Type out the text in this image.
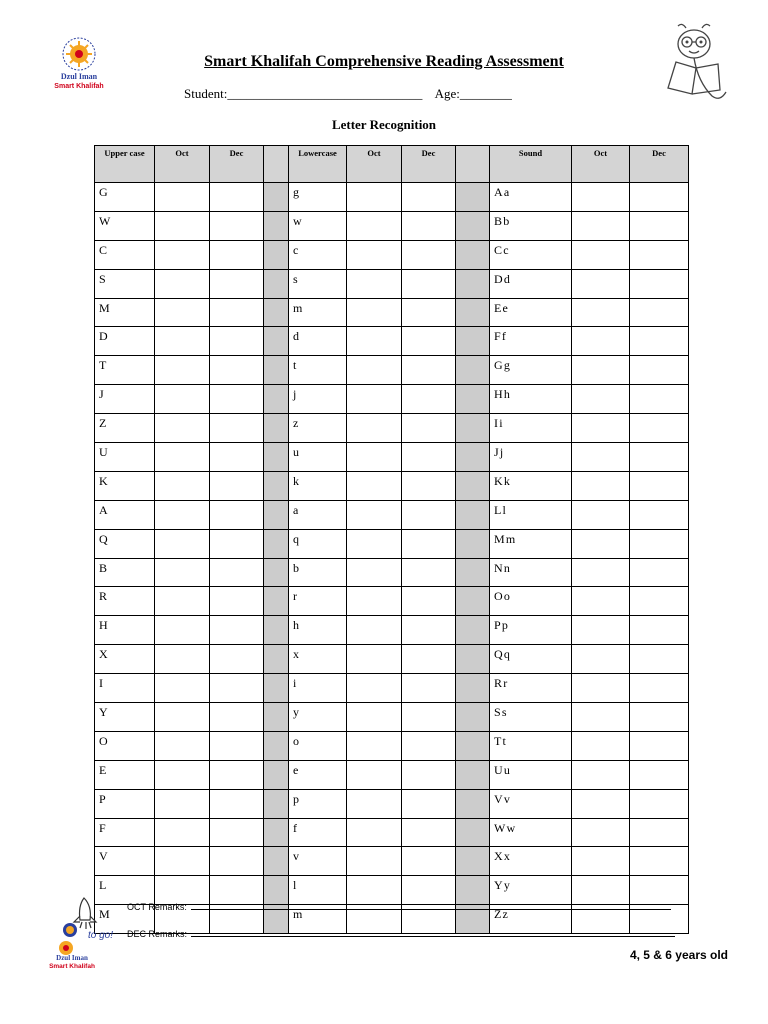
Dzul Iman
Smart Khalifah
Smart Khalifah Comprehensive Reading Assessment
Student:______________________________ Age:________
Letter Recognition
Upper case	Oct	Dec		Lowercase	Oct	Dec		Sound	Oct	Dec
G				g				Aa		
W				w				Bb		
C				c				Cc		
S				s				Dd		
M				m				Ee		
D				d				Ff		
T				t				Gg		
J				j				Hh		
Z				z				Ii		
U				u				Jj		
K				k				Kk		
A				a				Ll		
Q				q				Mm		
B				b				Nn		
R				r				Oo		
H				h				Pp		
X				x				Qq		
I				i				Rr		
Y				y				Ss		
O				o				Tt		
E				e				Uu		
P				p				Vv		
F				f				Ww		
V				v				Xx		
L				l				Yy		
M				m				Zz		
OCT Remarks:
DEC Remarks:
to go!
Dzul Iman
Smart Khalifah
4, 5 & 6 years old
